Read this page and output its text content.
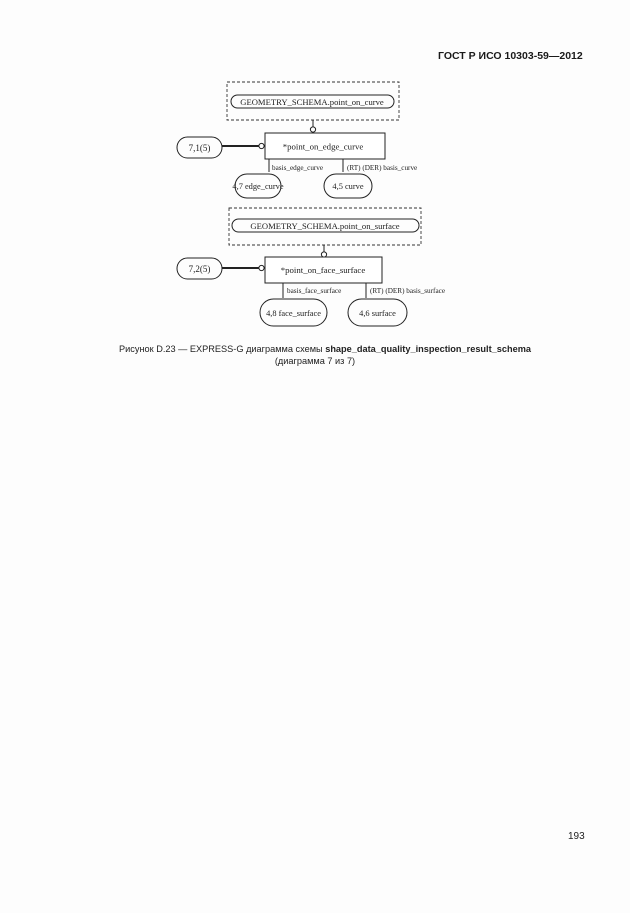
ГОСТ Р ИСО 10303-59—2012
GEOMETRY_SCHEMA.point_on_curve
7,1(5)	*point_on_edge_curve
basis_edge_curve	(RT) (DER) basis_curve
4,7 edge_curve	4,5 curve
GEOMETRY_SCHEMA.point_on_surface
7,2(5)	*point_on_face_surface
basis_face_surface	(RT) (DER) basis_surface
4,8 face_surface	4,6 surface
Рисунок D.23 — EXPRESS-G диаграмма схемы shape_data_quality_inspection_result_schema
(диаграмма 7 из 7)
193
